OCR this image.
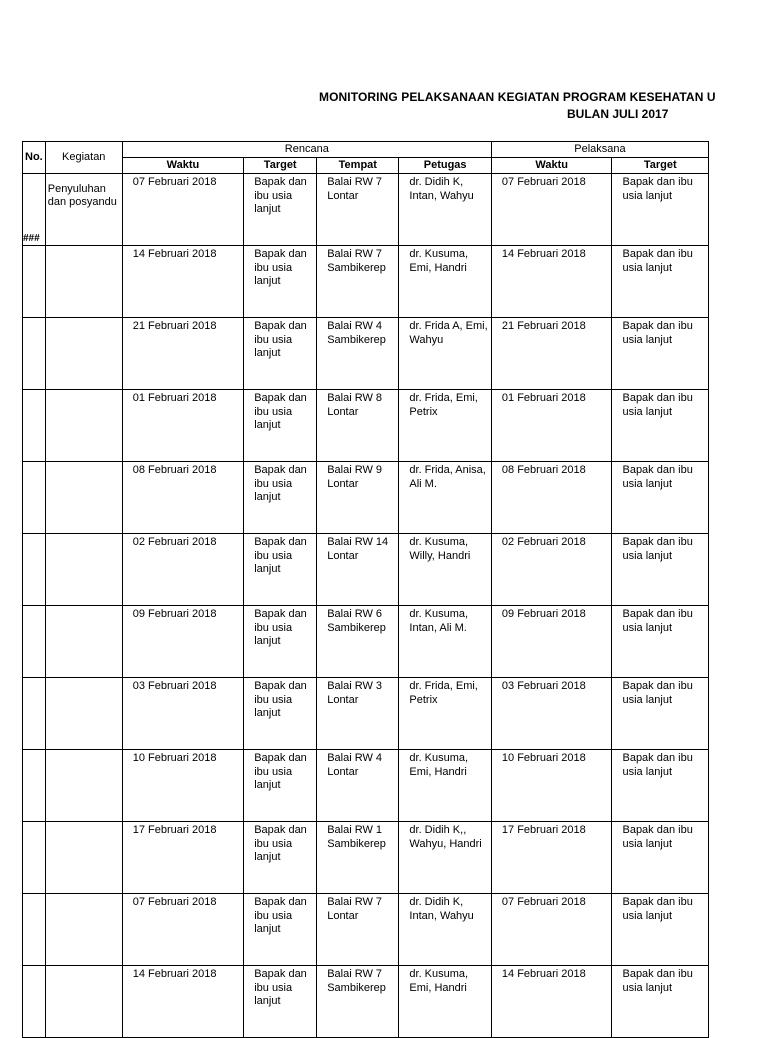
MONITORING PELAKSANAAN KEGIATAN PROGRAM KESEHATAN U
BULAN JULI 2017
No.	Kegiatan	Rencana				Pelaksana	
		Waktu	Target	Tempat	Petugas	Waktu	Target
###	Penyuluhan dan posyandu	07 Februari 2018	Bapak dan ibu usia lanjut	Balai RW 7 Lontar	dr. Didih K, Intan, Wahyu	07 Februari 2018	Bapak dan ibu usia lanjut
		14 Februari 2018	Bapak dan ibu usia lanjut	Balai RW 7 Sambikerep	dr. Kusuma, Emi, Handri	14 Februari 2018	Bapak dan ibu usia lanjut
		21 Februari 2018	Bapak dan ibu usia lanjut	Balai RW 4 Sambikerep	dr. Frida A, Emi, Wahyu	21 Februari 2018	Bapak dan ibu usia lanjut
		01 Februari 2018	Bapak dan ibu usia lanjut	Balai RW 8 Lontar	dr. Frida, Emi, Petrix	01 Februari 2018	Bapak dan ibu usia lanjut
		08 Februari 2018	Bapak dan ibu usia lanjut	Balai RW 9 Lontar	dr. Frida, Anisa, Ali M.	08 Februari 2018	Bapak dan ibu usia lanjut
		02 Februari 2018	Bapak dan ibu usia lanjut	Balai RW 14 Lontar	dr. Kusuma, Willy, Handri	02 Februari 2018	Bapak dan ibu usia lanjut
		09 Februari 2018	Bapak dan ibu usia lanjut	Balai RW 6 Sambikerep	dr. Kusuma, Intan, Ali M.	09 Februari 2018	Bapak dan ibu usia lanjut
		03 Februari 2018	Bapak dan ibu usia lanjut	Balai RW 3 Lontar	dr. Frida, Emi, Petrix	03 Februari 2018	Bapak dan ibu usia lanjut
		10 Februari 2018	Bapak dan ibu usia lanjut	Balai RW 4 Lontar	dr. Kusuma, Emi, Handri	10 Februari 2018	Bapak dan ibu usia lanjut
		17 Februari 2018	Bapak dan ibu usia lanjut	Balai RW 1 Sambikerep	dr. Didih K,, Wahyu, Handri	17 Februari 2018	Bapak dan ibu usia lanjut
		07 Februari 2018	Bapak dan ibu usia lanjut	Balai RW 7 Lontar	dr. Didih K, Intan, Wahyu	07 Februari 2018	Bapak dan ibu usia lanjut
		14 Februari 2018	Bapak dan ibu usia lanjut	Balai RW 7 Sambikerep	dr. Kusuma, Emi, Handri	14 Februari 2018	Bapak dan ibu usia lanjut
